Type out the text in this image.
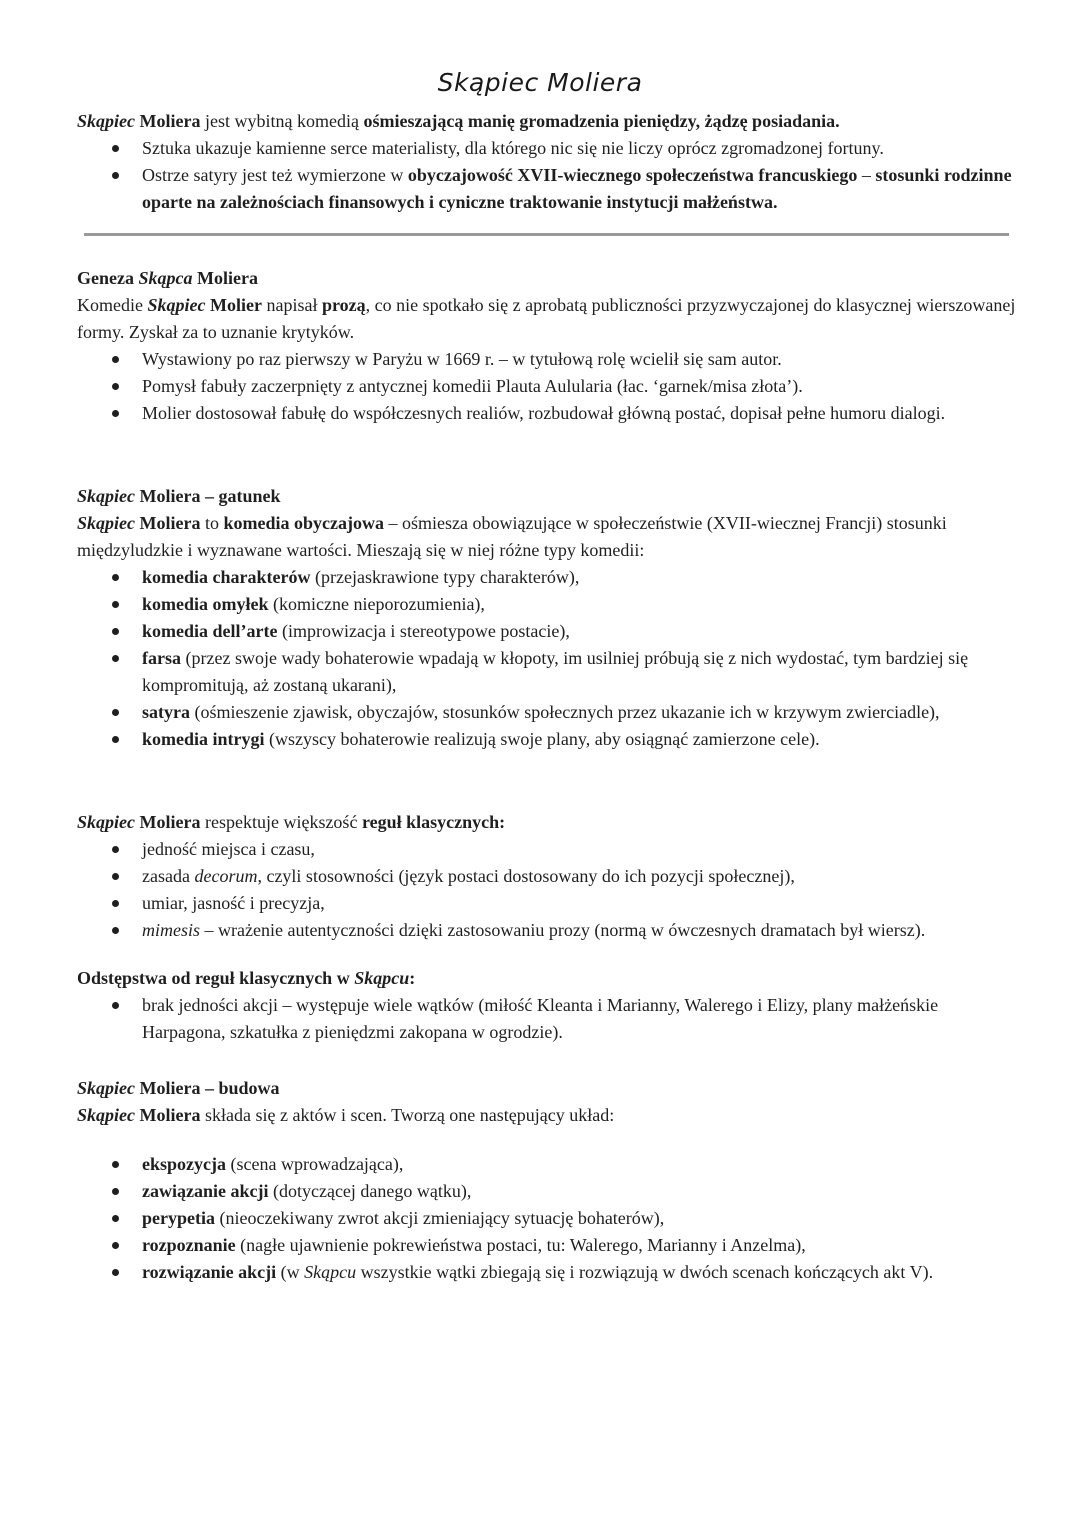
Skąpiec Moliera

Skąpiec Moliera jest wybitną komedią ośmieszającą manię gromadzenia pieniędzy, żądzę posiadania.

Sztuka ukazuje kamienne serce materialisty, dla którego nic się nie liczy oprócz zgromadzonej fortuny.
Ostrze satyry jest też wymierzone w obyczajowość XVII-wiecznego społeczeństwa francuskiego – stosunki rodzinne oparte na zależnościach finansowych i cyniczne traktowanie instytucji małżeństwa.

Geneza Skąpca Moliera

Komedie Skąpiec Molier napisał prozą, co nie spotkało się z aprobatą publiczności przyzwyczajonej do klasycznej wierszowanej formy. Zyskał za to uznanie krytyków.

Wystawiony po raz pierwszy w Paryżu w 1669 r. – w tytułową rolę wcielił się sam autor.
Pomysł fabuły zaczerpnięty z antycznej komedii Plauta Aulularia (łac. ‘garnek/misa złota’).
Molier dostosował fabułę do współczesnych realiów, rozbudował główną postać, dopisał pełne humoru dialogi.

Skąpiec Moliera – gatunek

Skąpiec Moliera to komedia obyczajowa – ośmiesza obowiązujące w społeczeństwie (XVII-wiecznej Francji) stosunki międzyludzkie i wyznawane wartości. Mieszają się w niej różne typy komedii:

komedia charakterów (przejaskrawione typy charakterów),
komedia omyłek (komiczne nieporozumienia),
komedia dell’arte (improwizacja i stereotypowe postacie),
farsa (przez swoje wady bohaterowie wpadają w kłopoty, im usilniej próbują się z nich wydostać, tym bardziej się kompromitują, aż zostaną ukarani),
satyra (ośmieszenie zjawisk, obyczajów, stosunków społecznych przez ukazanie ich w krzywym zwierciadle),
komedia intrygi (wszyscy bohaterowie realizują swoje plany, aby osiągnąć zamierzone cele).

Skąpiec Moliera respektuje większość reguł klasycznych:

jedność miejsca i czasu,
zasada decorum, czyli stosowności (język postaci dostosowany do ich pozycji społecznej),
umiar, jasność i precyzja,
mimesis – wrażenie autentyczności dzięki zastosowaniu prozy (normą w ówczesnych dramatach był wiersz).

Odstępstwa od reguł klasycznych w Skąpcu:

brak jedności akcji – występuje wiele wątków (miłość Kleanta i Marianny, Walerego i Elizy, plany małżeńskie Harpagona, szkatułka z pieniędzmi zakopana w ogrodzie).

Skąpiec Moliera – budowa

Skąpiec Moliera składa się z aktów i scen. Tworzą one następujący układ:

ekspozycja (scena wprowadzająca),
zawiązanie akcji (dotyczącej danego wątku),
perypetia (nieoczekiwany zwrot akcji zmieniający sytuację bohaterów),
rozpoznanie (nagłe ujawnienie pokrewieństwa postaci, tu: Walerego, Marianny i Anzelma),
rozwiązanie akcji (w Skąpcu wszystkie wątki zbiegają się i rozwiązują w dwóch scenach kończących akt V).
